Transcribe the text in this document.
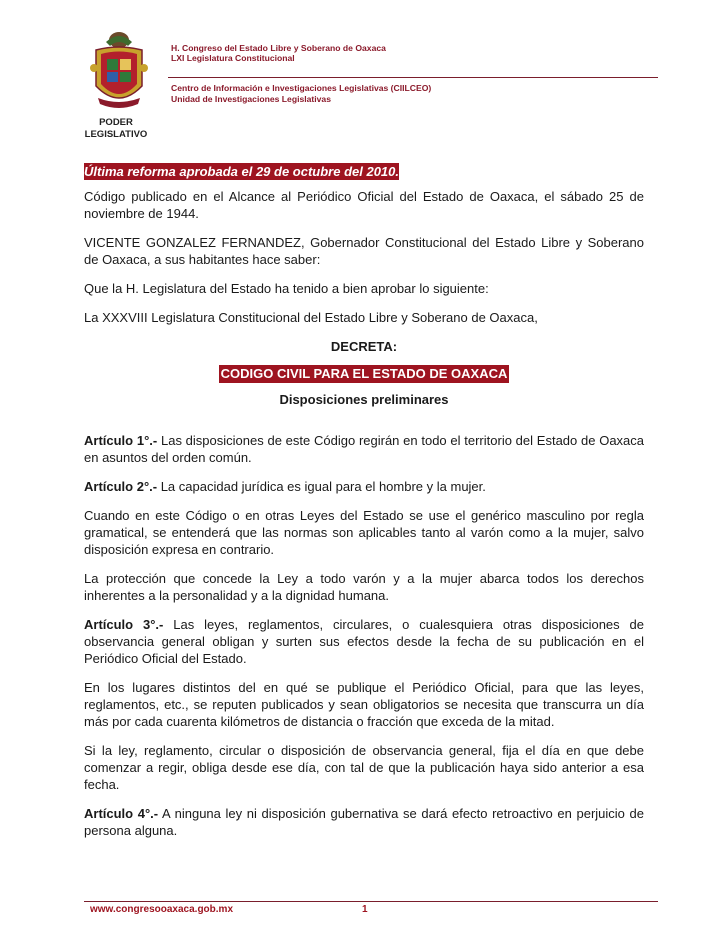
H. Congreso del Estado Libre y Soberano de Oaxaca
LXI Legislatura Constitucional
Centro de Información e Investigaciones Legislativas (CIILCEO)
Unidad de Investigaciones Legislativas
PODER
LEGISLATIVO

Última reforma aprobada el 29 de octubre del 2010.

Código publicado en el Alcance al Periódico Oficial del Estado de Oaxaca, el sábado 25 de noviembre de 1944.

VICENTE GONZALEZ FERNANDEZ, Gobernador Constitucional del Estado Libre y Soberano de Oaxaca, a sus habitantes hace saber:

Que la H. Legislatura del Estado ha tenido a bien aprobar lo siguiente:

La XXXVIII Legislatura Constitucional del Estado Libre y Soberano de Oaxaca,

DECRETA:

CODIGO CIVIL PARA EL ESTADO DE OAXACA

Disposiciones preliminares

Artículo 1°.- Las disposiciones de este Código regirán en todo el territorio del Estado de Oaxaca en asuntos del orden común.

Artículo 2°.- La capacidad jurídica es igual para el hombre y la mujer.

Cuando en este Código o en otras Leyes del Estado se use el genérico masculino por regla gramatical, se entenderá que las normas son aplicables tanto al varón como a la mujer, salvo disposición expresa en contrario.

La protección que concede la Ley a todo varón y a la mujer abarca todos los derechos inherentes a la personalidad y a la dignidad humana.

Artículo 3°.- Las leyes, reglamentos, circulares, o cualesquiera otras disposiciones de observancia general obligan y surten sus efectos desde la fecha de su publicación en el Periódico Oficial del Estado.

En los lugares distintos del en qué se publique el Periódico Oficial, para que las leyes, reglamentos, etc., se reputen publicados y sean obligatorios se necesita que transcurra un día más por cada cuarenta kilómetros de distancia o fracción que exceda de la mitad.

Si la ley, reglamento, circular o disposición de observancia general, fija el día en que debe comenzar a regir, obliga desde ese día, con tal de que la publicación haya sido anterior a esa fecha.

Artículo 4°.- A ninguna ley ni disposición gubernativa se dará efecto retroactivo en perjuicio de persona alguna.

www.congresooaxaca.gob.mx	1
